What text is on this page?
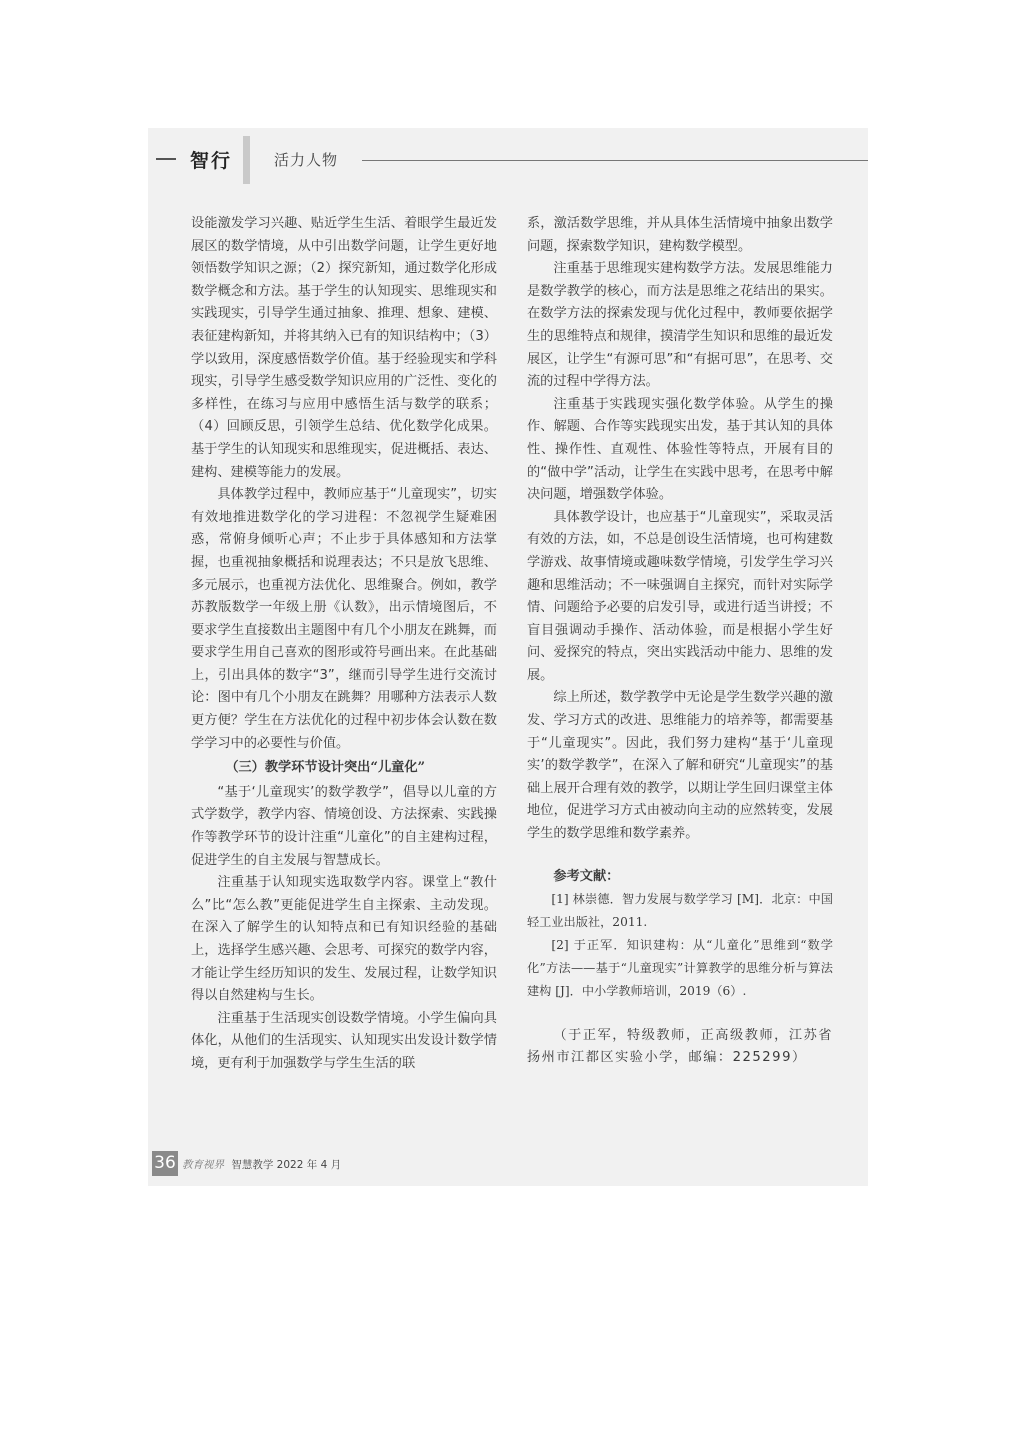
智行	活力人物

设能激发学习兴趣、贴近学生生活、着眼学生最近发展区的数学情境，从中引出数学问题，让学生更好地领悟数学知识之源；（2）探究新知，通过数学化形成数学概念和方法。基于学生的认知现实、思维现实和实践现实，引导学生通过抽象、推理、想象、建模、表征建构新知，并将其纳入已有的知识结构中；（3）学以致用，深度感悟数学价值。基于经验现实和学科现实，引导学生感受数学知识应用的广泛性、变化的多样性，在练习与应用中感悟生活与数学的联系；（4）回顾反思，引领学生总结、优化数学化成果。基于学生的认知现实和思维现实，促进概括、表达、建构、建模等能力的发展。

具体教学过程中，教师应基于“儿童现实”，切实有效地推进数学化的学习进程：不忽视学生疑难困惑，常俯身倾听心声；不止步于具体感知和方法掌握，也重视抽象概括和说理表达；不只是放飞思维、多元展示，也重视方法优化、思维聚合。例如，教学苏教版数学一年级上册《认数》，出示情境图后，不要求学生直接数出主题图中有几个小朋友在跳舞，而要求学生用自己喜欢的图形或符号画出来。在此基础上，引出具体的数字“3”，继而引导学生进行交流讨论：图中有几个小朋友在跳舞？用哪种方法表示人数更方便？学生在方法优化的过程中初步体会认数在数学学习中的必要性与价值。

（三）教学环节设计突出“儿童化”

“基于‘儿童现实’的数学教学”，倡导以儿童的方式学数学，教学内容、情境创设、方法探索、实践操作等教学环节的设计注重“儿童化”的自主建构过程，促进学生的自主发展与智慧成长。

注重基于认知现实选取数学内容。课堂上“教什么”比“怎么教”更能促进学生自主探索、主动发现。在深入了解学生的认知特点和已有知识经验的基础上，选择学生感兴趣、会思考、可探究的数学内容，才能让学生经历知识的发生、发展过程，让数学知识得以自然建构与生长。

注重基于生活现实创设数学情境。小学生偏向具体化，从他们的生活现实、认知现实出发设计数学情境，更有利于加强数学与学生生活的联

系，激活数学思维，并从具体生活情境中抽象出数学问题，探索数学知识，建构数学模型。

注重基于思维现实建构数学方法。发展思维能力是数学教学的核心，而方法是思维之花结出的果实。在数学方法的探索发现与优化过程中，教师要依据学生的思维特点和规律，摸清学生知识和思维的最近发展区，让学生“有源可思”和“有据可思”，在思考、交流的过程中学得方法。

注重基于实践现实强化数学体验。从学生的操作、解题、合作等实践现实出发，基于其认知的具体性、操作性、直观性、体验性等特点，开展有目的的“做中学”活动，让学生在实践中思考，在思考中解决问题，增强数学体验。

具体教学设计，也应基于“儿童现实”，采取灵活有效的方法，如，不总是创设生活情境，也可构建数学游戏、故事情境或趣味数学情境，引发学生学习兴趣和思维活动；不一味强调自主探究，而针对实际学情、问题给予必要的启发引导，或进行适当讲授；不盲目强调动手操作、活动体验，而是根据小学生好问、爱探究的特点，突出实践活动中能力、思维的发展。

综上所述，数学教学中无论是学生数学兴趣的激发、学习方式的改进、思维能力的培养等，都需要基于“儿童现实”。因此，我们努力建构“基于‘儿童现实’的数学教学”，在深入了解和研究“儿童现实”的基础上展开合理有效的教学，以期让学生回归课堂主体地位，促进学习方式由被动向主动的应然转变，发展学生的数学思维和数学素养。

参考文献：

[1] 林崇德．智力发展与数学学习 [M]．北京：中国轻工业出版社，2011.

[2] 于正军．知识建构：从“儿童化”思维到“数学化”方法——基于“儿童现实”计算教学的思维分析与算法建构 [J]．中小学教师培训，2019（6）.

（于正军，特级教师，正高级教师，江苏省扬州市江都区实验小学，邮编：225299）

36 教育视界 智慧教学 2022 年 4 月
